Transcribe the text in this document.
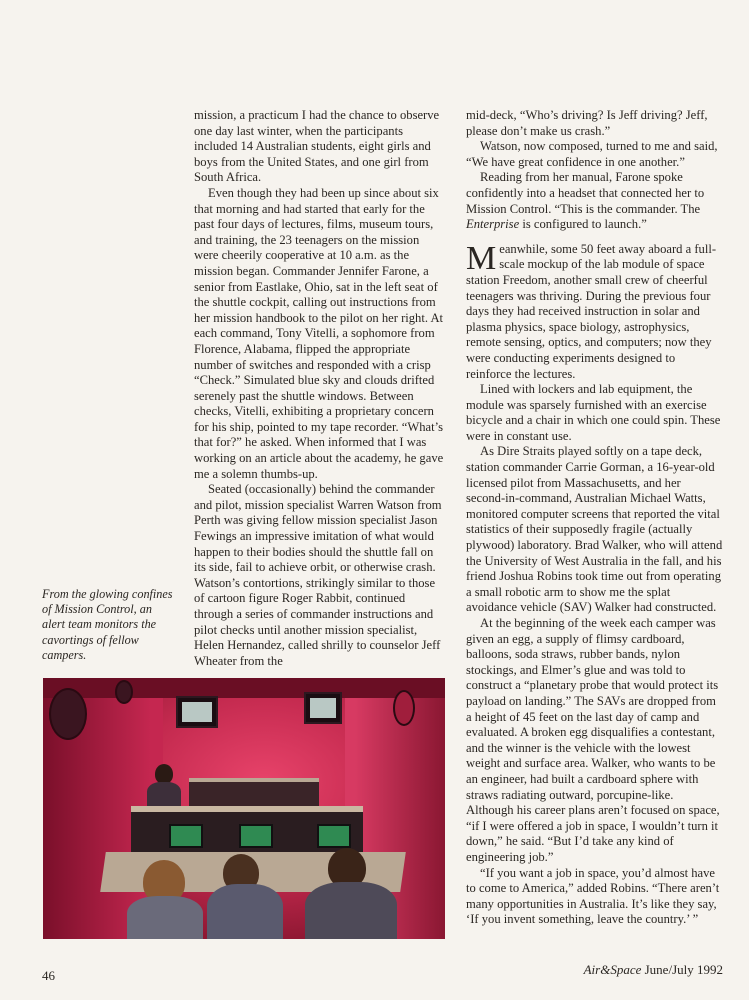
mission, a practicum I had the chance to observe one day last winter, when the participants included 14 Australian students, eight girls and boys from the United States, and one girl from South Africa.

Even though they had been up since about six that morning and had started that early for the past four days of lectures, films, museum tours, and training, the 23 teenagers on the mission were cheerily cooperative at 10 a.m. as the mission began. Commander Jennifer Farone, a senior from Eastlake, Ohio, sat in the left seat of the shuttle cockpit, calling out instructions from her mission handbook to the pilot on her right. At each command, Tony Vitelli, a sophomore from Florence, Alabama, flipped the appropriate number of switches and responded with a crisp “Check.” Simulated blue sky and clouds drifted serenely past the shuttle windows. Between checks, Vitelli, exhibiting a proprietary concern for his ship, pointed to my tape recorder. “What’s that for?” he asked. When informed that I was working on an article about the academy, he gave me a solemn thumbs-up.

Seated (occasionally) behind the commander and pilot, mission specialist Warren Watson from Perth was giving fellow mission specialist Jason Fewings an impressive imitation of what would happen to their bodies should the shuttle fall on its side, fail to achieve orbit, or otherwise crash. Watson’s contortions, strikingly similar to those of cartoon figure Roger Rabbit, continued through a series of commander instructions and pilot checks until another mission specialist, Helen Hernandez, called shrilly to counselor Jeff Wheater from the

mid-deck, “Who’s driving? Is Jeff driving? Jeff, please don’t make us crash.”

Watson, now composed, turned to me and said, “We have great confidence in one another.”

Reading from her manual, Farone spoke confidently into a headset that connected her to Mission Control. “This is the commander. The Enterprise is configured to launch.”

Meanwhile, some 50 feet away aboard a full-scale mockup of the lab module of space station Freedom, another small crew of cheerful teenagers was thriving. During the previous four days they had received instruction in solar and plasma physics, space biology, astrophysics, remote sensing, optics, and computers; now they were conducting experiments designed to reinforce the lectures.

Lined with lockers and lab equipment, the module was sparsely furnished with an exercise bicycle and a chair in which one could spin. These were in constant use.

As Dire Straits played softly on a tape deck, station commander Carrie Gorman, a 16-year-old licensed pilot from Massachusetts, and her second-in-command, Australian Michael Watts, monitored computer screens that reported the vital statistics of their supposedly fragile (actually plywood) laboratory. Brad Walker, who will attend the University of West Australia in the fall, and his friend Joshua Robins took time out from operating a small robotic arm to show me the splat avoidance vehicle (SAV) Walker had constructed.

At the beginning of the week each camper was given an egg, a supply of flimsy cardboard, balloons, soda straws, rubber bands, nylon stockings, and Elmer’s glue and was told to construct a “planetary probe that would protect its payload on landing.” The SAVs are dropped from a height of 45 feet on the last day of camp and evaluated. A broken egg disqualifies a contestant, and the winner is the vehicle with the lowest weight and surface area. Walker, who wants to be an engineer, had built a cardboard sphere with straws radiating outward, porcupine-like. Although his career plans aren’t focused on space, “if I were offered a job in space, I wouldn’t turn it down,” he said. “But I’d take any kind of engineering job.”

“If you want a job in space, you’d almost have to come to America,” added Robins. “There aren’t many opportunities in Australia. It’s like they say, ‘If you invent something, leave the country.’ ”

From the glowing confines of Mission Control, an alert team monitors the cavortings of fellow campers.
46	Air&Space June/July 1992
